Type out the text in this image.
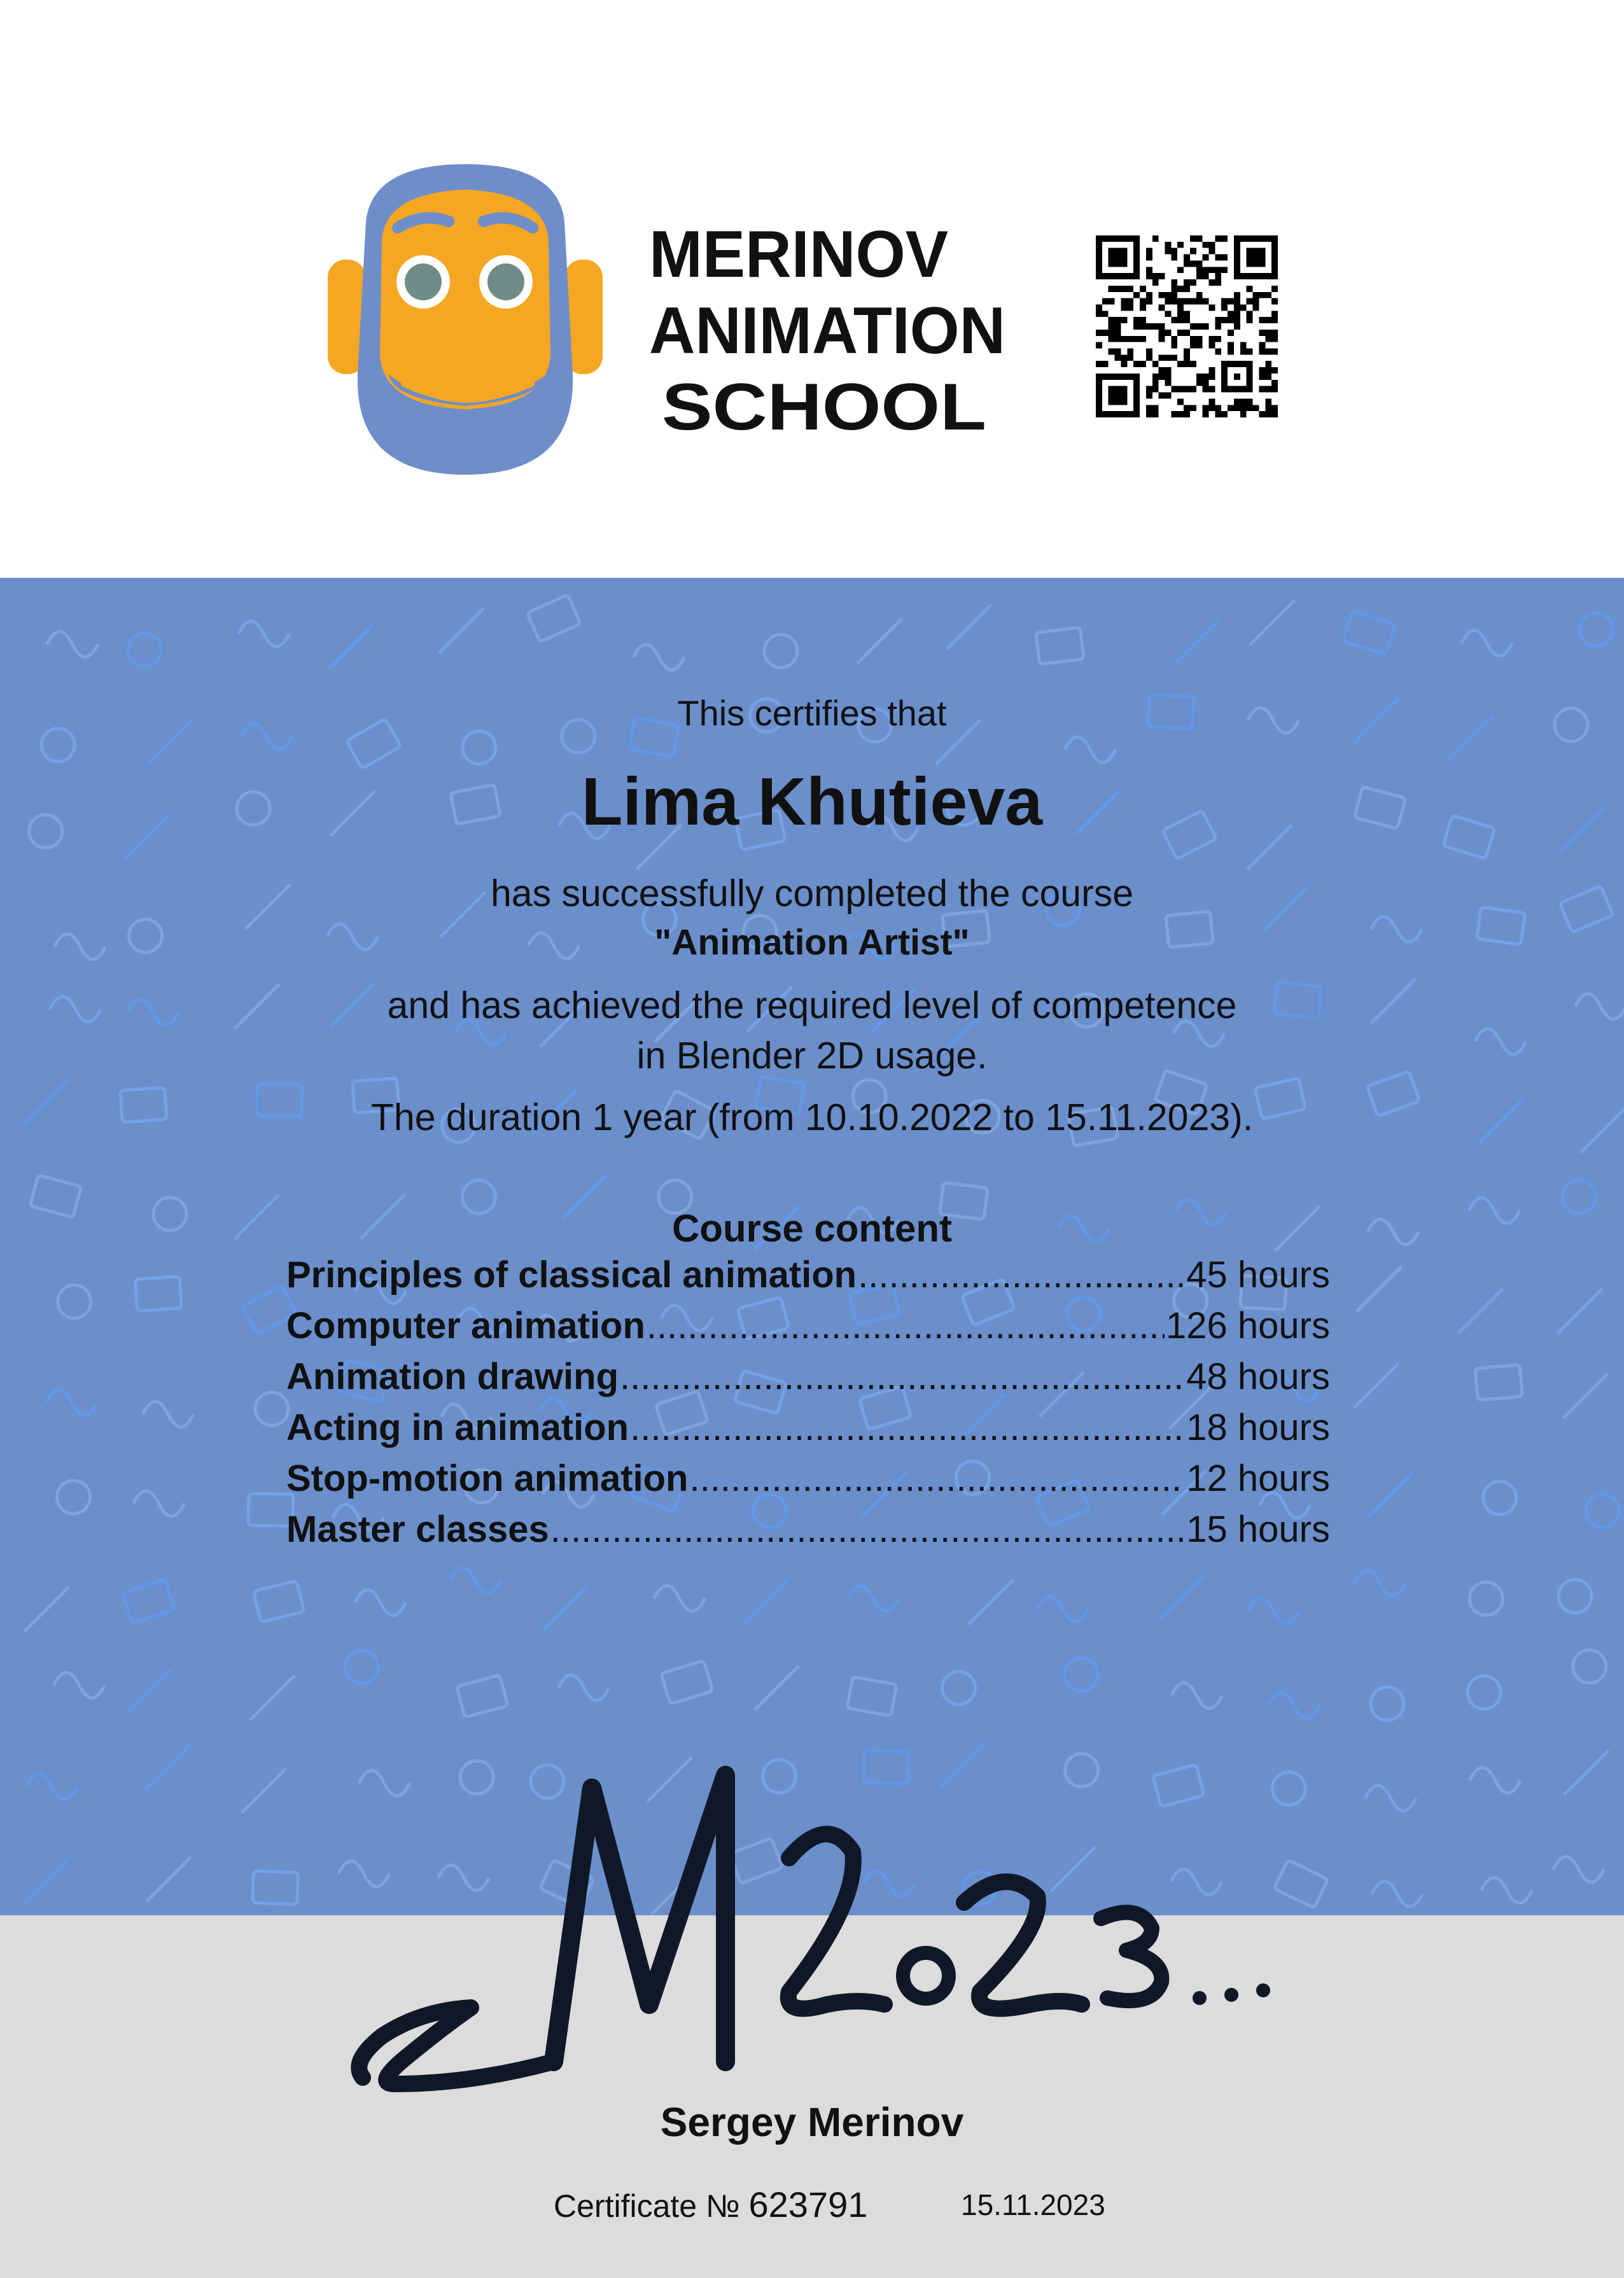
MERINOV
ANIMATION
SCHOOL
This certifies that
Lima Khutieva
has successfully completed the course
"Animation Artist"
and has achieved the required level of competence
in Blender 2D usage.
The duration 1 year (from 10.10.2022 to 15.11.2023).
Course content
Principles of classical animation .....	45 hours
Computer animation .....	126 hours
Animation drawing .....	48 hours
Acting in animation .....	18 hours
Stop-motion animation .....	12 hours
Master classes .....	15 hours
M 2023...
Sergey Merinov
Certificate № 623791	15.11.2023
